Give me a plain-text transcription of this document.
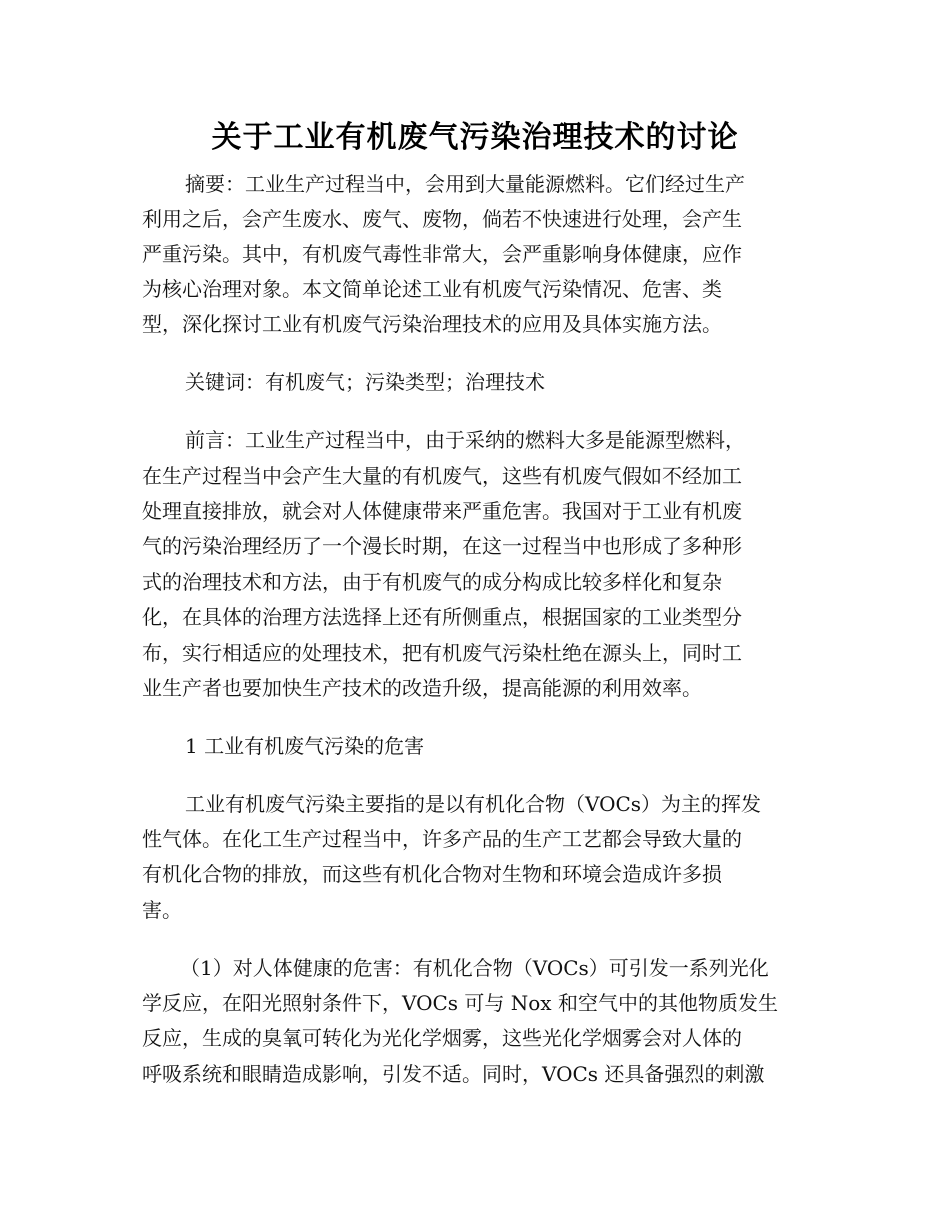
关于工业有机废气污染治理技术的讨论
摘要：工业生产过程当中，会用到大量能源燃料。它们经过生产
利用之后，会产生废水、废气、废物，倘若不快速进行处理，会产生
严重污染。其中，有机废气毒性非常大，会严重影响身体健康，应作
为核心治理对象。本文简单论述工业有机废气污染情况、危害、类
型，深化探讨工业有机废气污染治理技术的应用及具体实施方法。
关键词：有机废气；污染类型；治理技术
前言：工业生产过程当中，由于采纳的燃料大多是能源型燃料，
在生产过程当中会产生大量的有机废气，这些有机废气假如不经加工
处理直接排放，就会对人体健康带来严重危害。我国对于工业有机废
气的污染治理经历了一个漫长时期，在这一过程当中也形成了多种形
式的治理技术和方法，由于有机废气的成分构成比较多样化和复杂
化，在具体的治理方法选择上还有所侧重点，根据国家的工业类型分
布，实行相适应的处理技术，把有机废气污染杜绝在源头上，同时工
业生产者也要加快生产技术的改造升级，提高能源的利用效率。
1 工业有机废气污染的危害
工业有机废气污染主要指的是以有机化合物（VOCs）为主的挥发
性气体。在化工生产过程当中，许多产品的生产工艺都会导致大量的
有机化合物的排放，而这些有机化合物对生物和环境会造成许多损
害。
（1）对人体健康的危害：有机化合物（VOCs）可引发一系列光化
学反应，在阳光照射条件下，VOCs 可与 Nox 和空气中的其他物质发生
反应，生成的臭氧可转化为光化学烟雾，这些光化学烟雾会对人体的
呼吸系统和眼睛造成影响，引发不适。同时，VOCs 还具备强烈的刺激
